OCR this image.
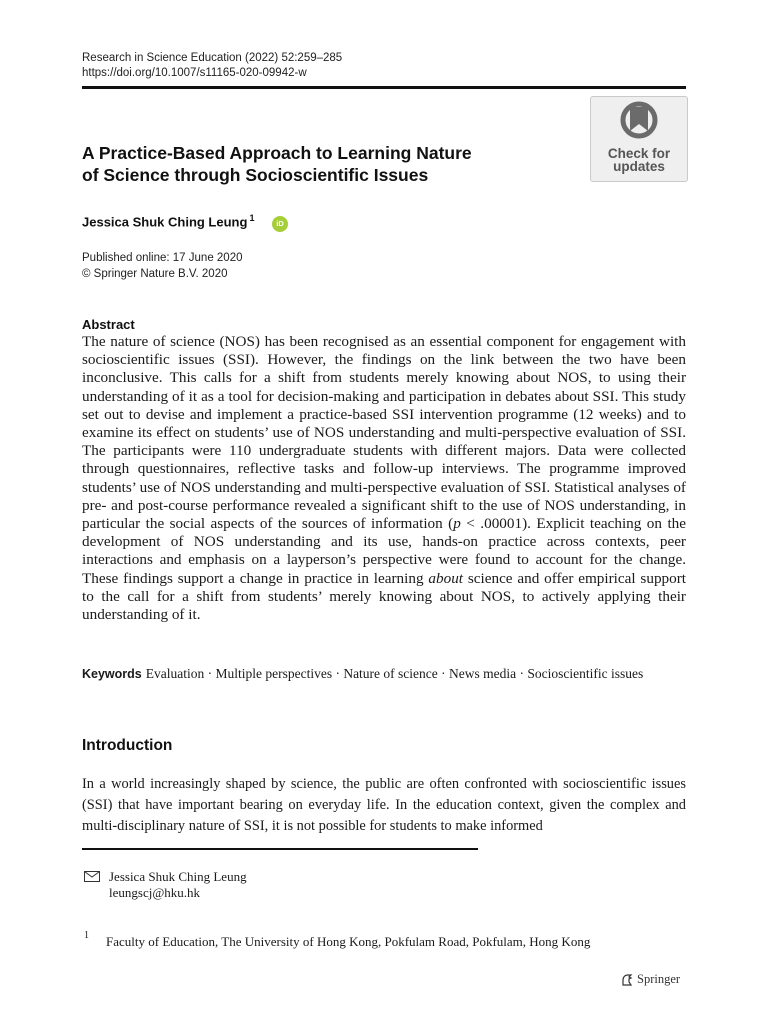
Research in Science Education (2022) 52:259–285
https://doi.org/10.1007/s11165-020-09942-w
Check for
updates
A Practice-Based Approach to Learning Nature
of Science through Socioscientific Issues
Jessica Shuk Ching Leung $^1$
iD
Published online: 17 June 2020
© Springer Nature B.V. 2020
Abstract
The nature of science (NOS) has been recognised as an essential component for engagement with socioscientific issues (SSI). However, the findings on the link between the two have been inconclusive. This calls for a shift from students merely knowing about NOS, to using their understanding of it as a tool for decision-making and participation in debates about SSI. This study set out to devise and implement a practice-based SSI intervention programme (12 weeks) and to examine its effect on students’ use of NOS understanding and multi-perspective evaluation of SSI. The participants were 110 undergraduate students with different majors. Data were collected through questionnaires, reflective tasks and follow-up interviews. The programme improved students’ use of NOS understanding and multi-perspective evaluation of SSI. Statistical analyses of pre- and post-course performance revealed a significant shift to the use of NOS understanding, in particular the social aspects of the sources of information (p < .00001). Explicit teaching on the development of NOS understanding and its use, hands-on practice across contexts, peer interactions and emphasis on a layperson’s perspective were found to account for the change. These findings support a change in practice in learning about science and offer empirical support to the call for a shift from students’ merely knowing about NOS, to actively applying their understanding of it.
Keywords Evaluation · Multiple perspectives · Nature of science · News media · Socioscientific issues
Introduction
In a world increasingly shaped by science, the public are often confronted with socioscientific issues (SSI) that have important bearing on everyday life. In the education context, given the complex and multi-disciplinary nature of SSI, it is not possible for students to make informed
Jessica Shuk Ching Leung
leungscj@hku.hk
1 Faculty of Education, The University of Hong Kong, Pokfulam Road, Pokfulam, Hong Kong
Springer
